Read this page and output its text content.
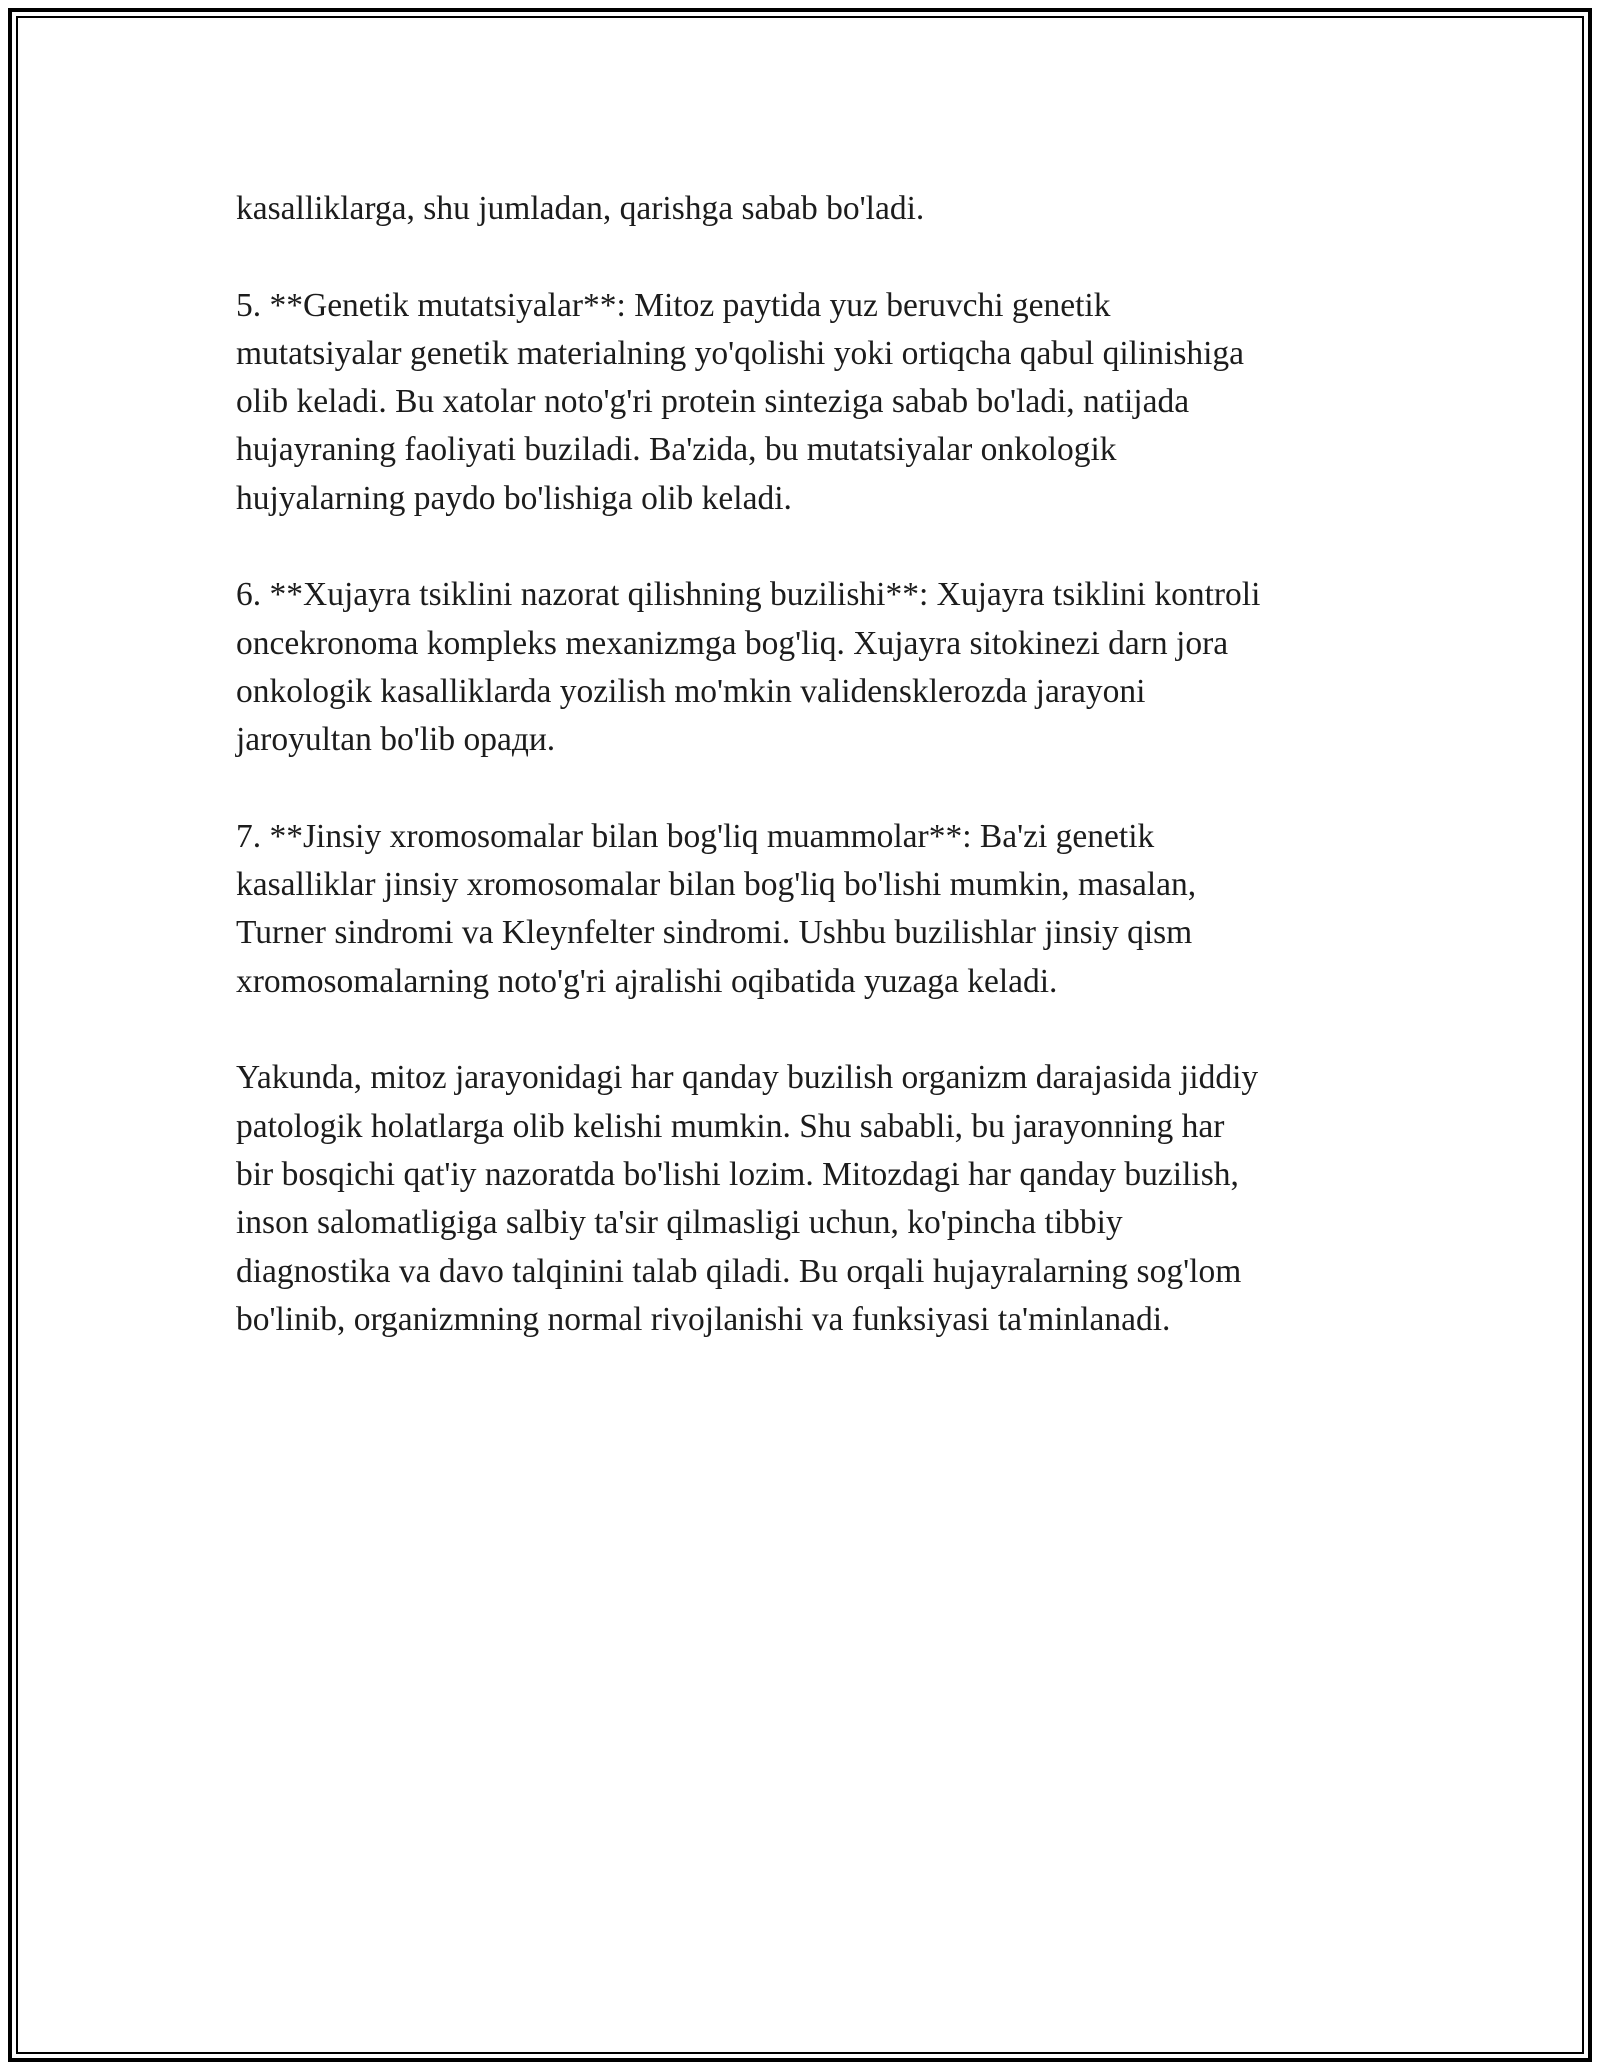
kasalliklarga, shu jumladan, qarishga sabab bo'ladi.

5. **Genetik mutatsiyalar**: Mitoz paytida yuz beruvchi genetik
mutatsiyalar genetik materialning yo'qolishi yoki ortiqcha qabul qilinishiga
olib keladi. Bu xatolar noto'g'ri protein sinteziga sabab bo'ladi, natijada
hujayraning faoliyati buziladi. Ba'zida, bu mutatsiyalar onkologik
hujyalarning paydo bo'lishiga olib keladi.

6. **Xujayra tsiklini nazorat qilishning buzilishi**: Xujayra tsiklini kontroli
oncekronoma kompleks mexanizmga bog'liq. Xujayra sitokinezi darn jora
onkologik kasalliklarda yozilish mo'mkin validensklerozda jarayoni
jaroyultan bo'lib оради.

7. **Jinsiy xromosomalar bilan bog'liq muammolar**: Ba'zi genetik
kasalliklar jinsiy xromosomalar bilan bog'liq bo'lishi mumkin, masalan,
Turner sindromi va Kleynfelter sindromi. Ushbu buzilishlar jinsiy qism
xromosomalarning noto'g'ri ajralishi oqibatida yuzaga keladi.

Yakunda, mitoz jarayonidagi har qanday buzilish organizm darajasida jiddiy
patologik holatlarga olib kelishi mumkin. Shu sababli, bu jarayonning har
bir bosqichi qat'iy nazoratda bo'lishi lozim. Mitozdagi har qanday buzilish,
inson salomatligiga salbiy ta'sir qilmasligi uchun, ko'pincha tibbiy
diagnostika va davo talqinini talab qiladi. Bu orqali hujayralarning sog'lom
bo'linib, organizmning normal rivojlanishi va funksiyasi ta'minlanadi.
